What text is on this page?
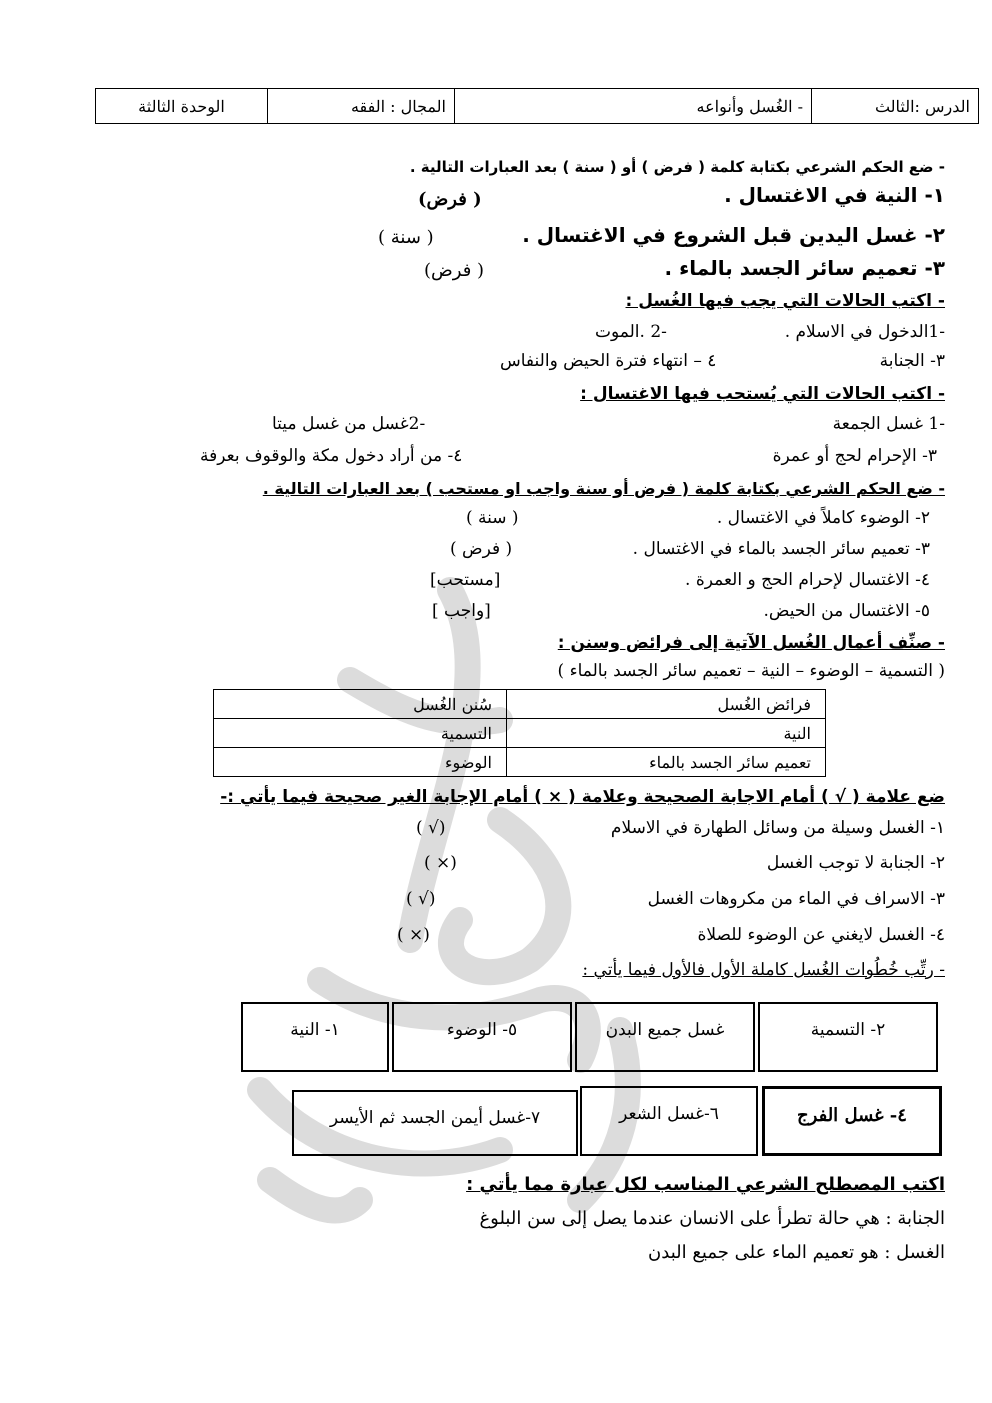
الدرس :الثالث	- الغُسل وأنواعه	المجال : الفقه	الوحدة الثالثة
- ضع الحكم الشرعي بكتابة كلمة ( فرض ) أو ( سنة ) بعد العبارات التالية .
١- النية في الاغتسال .
( فرض)
٢- غسل اليدين قبل الشروع في الاغتسال .
( سنة )
٣- تعميم سائر الجسد بالماء .
( فرض)
- اكتب الحالات التي يجب فيها الغُسل :
-1الدخول في الاسلام .
-2 .الموت
٣- الجنابة
٤ – انتهاء فترة الحيض والنفاس
- اكتب الحالات التي يُستحب فيها الاغتسال :
-1 غسل الجمعة
-2غسل من غسل ميتا
٣- الإحرام لحج أو عمرة
٤- من أراد دخول مكة والوقوف بعرفة
- ضع الحكم الشرعي بكتابة كلمة ( فرض أو سنة واجب او مستحب ) بعد العبارات التالية .
٢- الوضوء كاملاً في الاغتسال .
( سنة )
٣- تعميم سائر الجسد بالماء في الاغتسال .
( فرض )
٤- الاغتسال لإحرام الحج و العمرة .
[مستحب]
٥- الاغتسال من الحيض.
[واجب ]
- صنِّف أعمال الغُسل الآتية إلى فرائض وسنن :
( التسمية – الوضوء – النية – تعميم سائر الجسد بالماء )
فرائض الغُسل	سُنن الغُسل
النية	التسمية
تعميم سائر الجسد بالماء	الوضوء
ضع علامة ( √ ) أمام الاجابة الصحيحة وعلامة ( × ) أمام الإجابة الغير صحيحة فيما يأتي :-
١- الغسل وسيلة من وسائل الطهارة في الاسلام
(√ )
٢- الجنابة لا توجب الغسل
(× )
٣- الاسراف في الماء من مكروهات الغسل
(√ )
٤- الغسل لايغني عن الوضوء للصلاة
(× )
- رتِّب خُطُوات الغُسل كاملة الأول فالأول فيما يأتي :
٢- التسمية
غسل جميع البدن
٥- الوضوء
١- النية
٤- غسل الفرج
٦-غسل الشعر
٧-غسل أيمن الجسد ثم الأيسر
اكتب المصطلح الشرعي المناسب لكل عبارة مما يأتي :
الجنابة : هي حالة تطرأ على الانسان عندما يصل إلى سن البلوغ
الغسل : هو تعميم الماء على جميع البدن
